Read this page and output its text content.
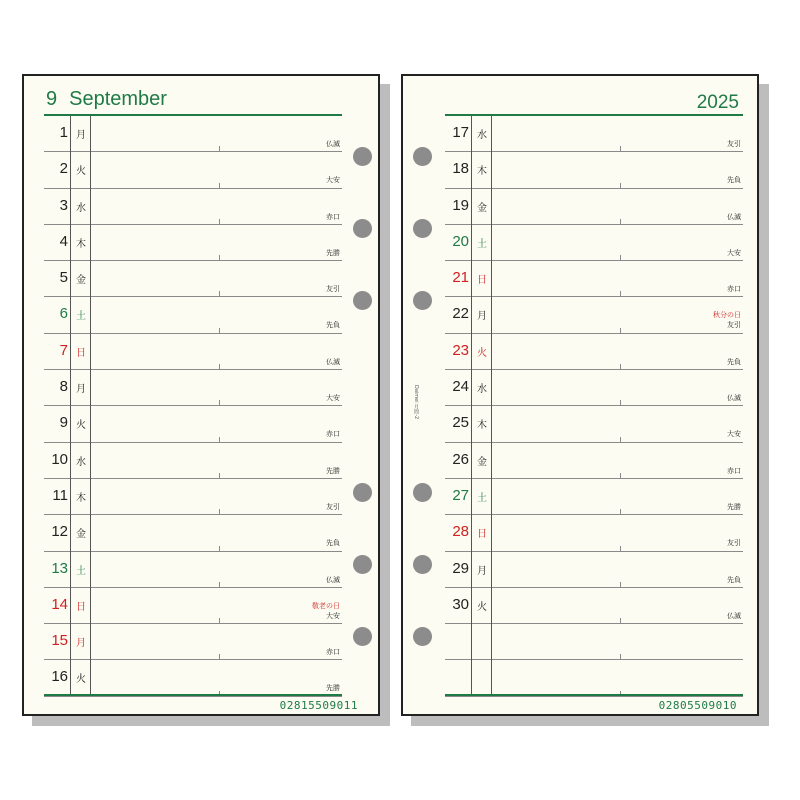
9 September
1 月
仏滅
2 火
大安
3 水
赤口
4 木
先勝
5 金
友引
6 土
先負
7 日
仏滅
8 月
大安
9 火
赤口
10 水
先勝
11 木
友引
12 金
先負
13 土
仏滅
14 日	敬老の日
大安
15 月
赤口
16 火
先勝
02815509011
2025
17 水
友引
18 木
先負
19 金
仏滅
20 土
大安
21 日
赤口
22 月	秋分の日
友引
23 火
先負
24 水
仏滅
25 木
大安
26 金
赤口
27 土
先勝
28 日
友引
29 月
先負
30 火
仏滅
02805509010
Daimei 月間-2
